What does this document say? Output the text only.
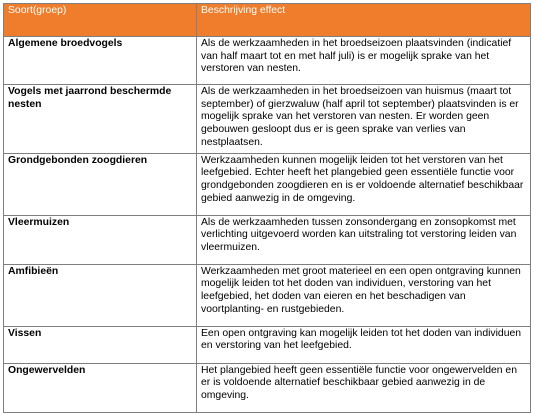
Soort(groep)	Beschrijving effect
Algemene broedvogels	Als de werkzaamheden in het broedseizoen plaatsvinden (indicatief van half maart tot en met half juli) is er mogelijk sprake van het verstoren van nesten.
Vogels met jaarrond beschermde nesten	Als de werkzaamheden in het broedseizoen van huismus (maart tot september) of gierzwaluw (half april tot september) plaatsvinden is er mogelijk sprake van het verstoren van nesten. Er worden geen gebouwen gesloopt dus er is geen sprake van verlies van nestplaatsen.
Grondgebonden zoogdieren	Werkzaamheden kunnen mogelijk leiden tot het verstoren van het leefgebied. Echter heeft het plangebied geen essentiële functie voor grondgebonden zoogdieren en is er voldoende alternatief beschikbaar gebied aanwezig in de omgeving.
Vleermuizen	Als de werkzaamheden tussen zonsondergang en zonsopkomst met verlichting uitgevoerd worden kan uitstraling tot verstoring leiden van vleermuizen.
Amfibieën	Werkzaamheden met groot materieel en een open ontgraving kunnen mogelijk leiden tot het doden van individuen, verstoring van het leefgebied, het doden van eieren en het beschadigen van voortplanting- en rustgebieden.
Vissen	Een open ontgraving kan mogelijk leiden tot het doden van individuen en verstoring van het leefgebied.
Ongewervelden	Het plangebied heeft geen essentiële functie voor ongewervelden en er is voldoende alternatief beschikbaar gebied aanwezig in de omgeving.
